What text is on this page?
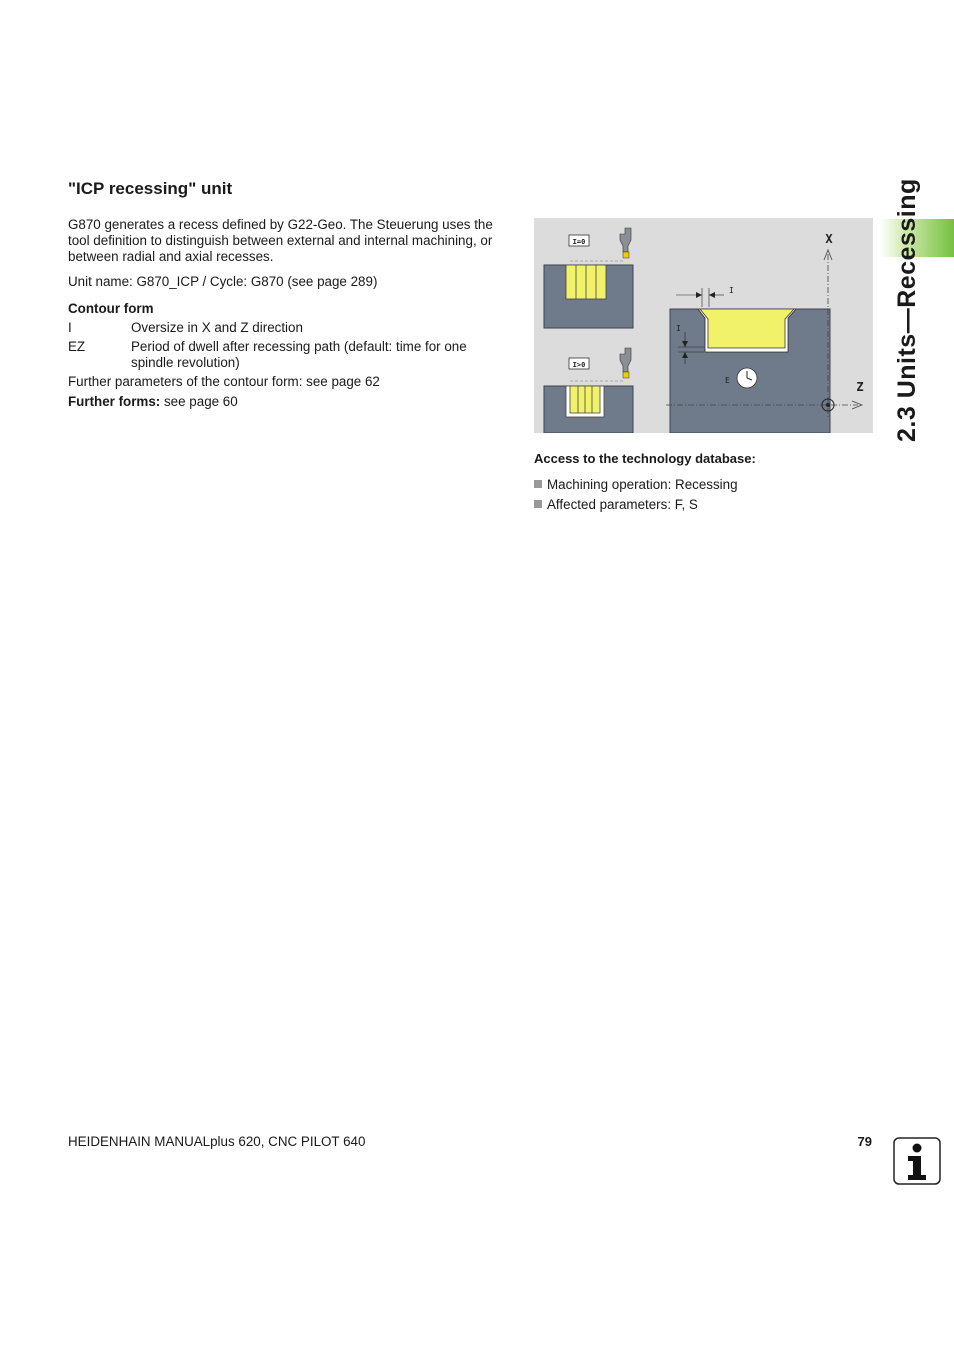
"ICP recessing" unit

G870 generates a recess defined by G22-Geo. The Steuerung uses the tool definition to distinguish between external and internal machining, or between radial and axial recesses.

Unit name: G870_ICP / Cycle: G870 (see page 289)

Contour form

I	Oversize in X and Z direction
EZ	Period of dwell after recessing path (default: time for one spindle revolution)

Further parameters of the contour form: see page 62

Further forms: see page 60

I=0
I>0
X
Z
I
I
E
Access to the technology database:
Machining operation: Recessing
Affected parameters: F, S
2.3 Units—Recessing
HEIDENHAIN MANUALplus 620, CNC PILOT 640	79
